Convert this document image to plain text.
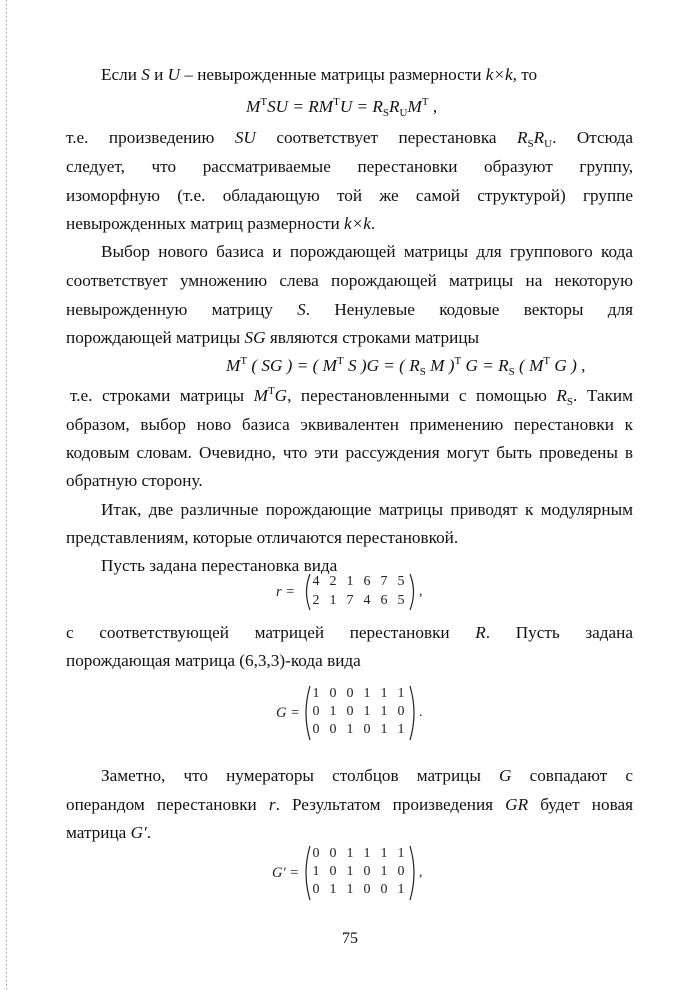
Если S и U – невырожденные матрицы размерности k×k, то
$M^TSU = RM^TU = R_SR_UM^T$ ,
т.е. произведению SU соответствует перестановка $R_SR_U$. Отсюда
следует, что рассматриваемые перестановки образуют группу,
изоморфную (т.е. обладающую той же самой структурой) группе
невырожденных матриц размерности k×k.
Выбор нового базиса и порождающей матрицы для группового кода
соответствует умножению слева порождающей матрицы на некоторую
невырожденную матрицу S. Ненулевые кодовые векторы для
порождающей матрицы SG являются строками матрицы
$M^T$ ( SG ) = ( $M^T$ S )G = ( $R_S$ M )$^T$ $G = R_S$ ( $M^T$ G ) ,
т.е. строками матрицы $M^TG$, перестановленными с помощью $R_S$. Таким
образом, выбор ново базиса эквивалентен применению перестановки к
кодовым словам. Очевидно, что эти рассуждения могут быть проведены в
обратную сторону.
Итак, две различные порождающие матрицы приводят к модулярным
представлениям, которые отличаются перестановкой.
Пусть задана перестановка вида
r =
4 2 1 6 7 5
2 1 7 4 6 5
,
с соответствующей матрицей перестановки R. Пусть задана
порождающая матрица (6,3,3)-кода вида
G =
1 0 0 1 1 1
0 1 0 1 1 0
0 0 1 0 1 1
.
Заметно, что нумераторы столбцов матрицы G совпадают с
операндом перестановки r. Результатом произведения GR будет новая
матрица G′.
G′ =
0 0 1 1 1 1
1 0 1 0 1 0
0 1 1 0 0 1
,
75
